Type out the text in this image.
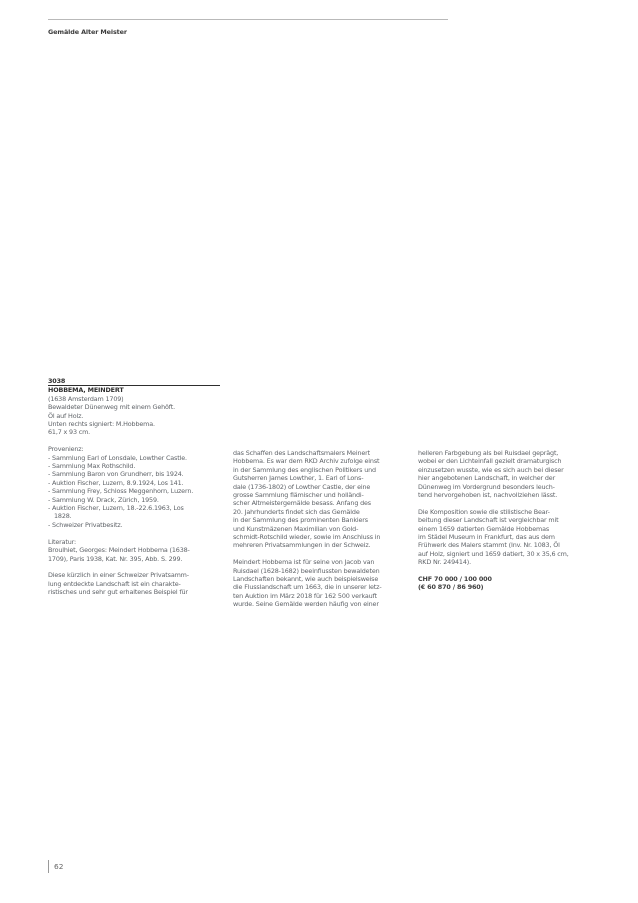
Gemälde Alter Meister
3038
HOBBEMA, MEINDERT
(1638 Amsterdam 1709)
Bewaldeter Dünenweg mit einem Gehöft.
Öl auf Holz.
Unten rechts signiert: M.Hobbema.
61,7 x 93 cm.
Provenienz:
- Sammlung Earl of Lonsdale, Lowther Castle.
- Sammlung Max Rothschild.
- Sammlung Baron von Grundherr, bis 1924.
- Auktion Fischer, Luzern, 8.9.1924, Los 141.
- Sammlung Frey, Schloss Meggenhorn, Luzern.
- Sammlung W. Drack, Zürich, 1959.
- Auktion Fischer, Luzern, 18.-22.6.1963, Los
1828.
- Schweizer Privatbesitz.
Literatur:
Broulhiet, Georges: Meindert Hobbema (1638-
1709), Paris 1938, Kat. Nr. 395, Abb. S. 299.
Diese kürzlich in einer Schweizer Privatsamm-
lung entdeckte Landschaft ist ein charakte-
ristisches und sehr gut erhaltenes Beispiel für
das Schaffen des Landschaftsmalers Meinert
Hobbema. Es war dem RKD Archiv zufolge einst
in der Sammlung des englischen Politikers und
Gutsherren James Lowther, 1. Earl of Lons-
dale (1736-1802) of Lowther Castle, der eine
grosse Sammlung flämischer und holländi-
scher Altmeistergemälde besass. Anfang des
20. Jahrhunderts findet sich das Gemälde
in der Sammlung des prominenten Bankiers
und Kunstmäzenen Maximilian von Gold-
schmidt-Rotschild wieder, sowie im Anschluss in
mehreren Privatsammlungen in der Schweiz.
Meindert Hobbema ist für seine von Jacob van
Ruisdael (1628-1682) beeinflussten bewaldeten
Landschaften bekannt, wie auch beispielsweise
die Flusslandschaft um 1663, die in unserer letz-
ten Auktion im März 2018 für 162 500 verkauft
wurde. Seine Gemälde werden häufig von einer
helleren Farbgebung als bei Ruisdael geprägt,
wobei er den Lichteinfall gezielt dramaturgisch
einzusetzen wusste, wie es sich auch bei dieser
hier angebotenen Landschaft, in welcher der
Dünenweg im Vordergrund besonders leuch-
tend hervorgehoben ist, nachvollziehen lässt.
Die Komposition sowie die stilistische Bear-
beitung dieser Landschaft ist vergleichbar mit
einem 1659 datierten Gemälde Hobbemas
im Städel Museum in Frankfurt, das aus dem
Frühwerk des Malers stammt (Inv. Nr. 1083, Öl
auf Holz, signiert und 1659 datiert, 30 x 35,6 cm,
RKD Nr. 249414).
CHF 70 000 / 100 000
(€ 60 870 / 86 960)
62
